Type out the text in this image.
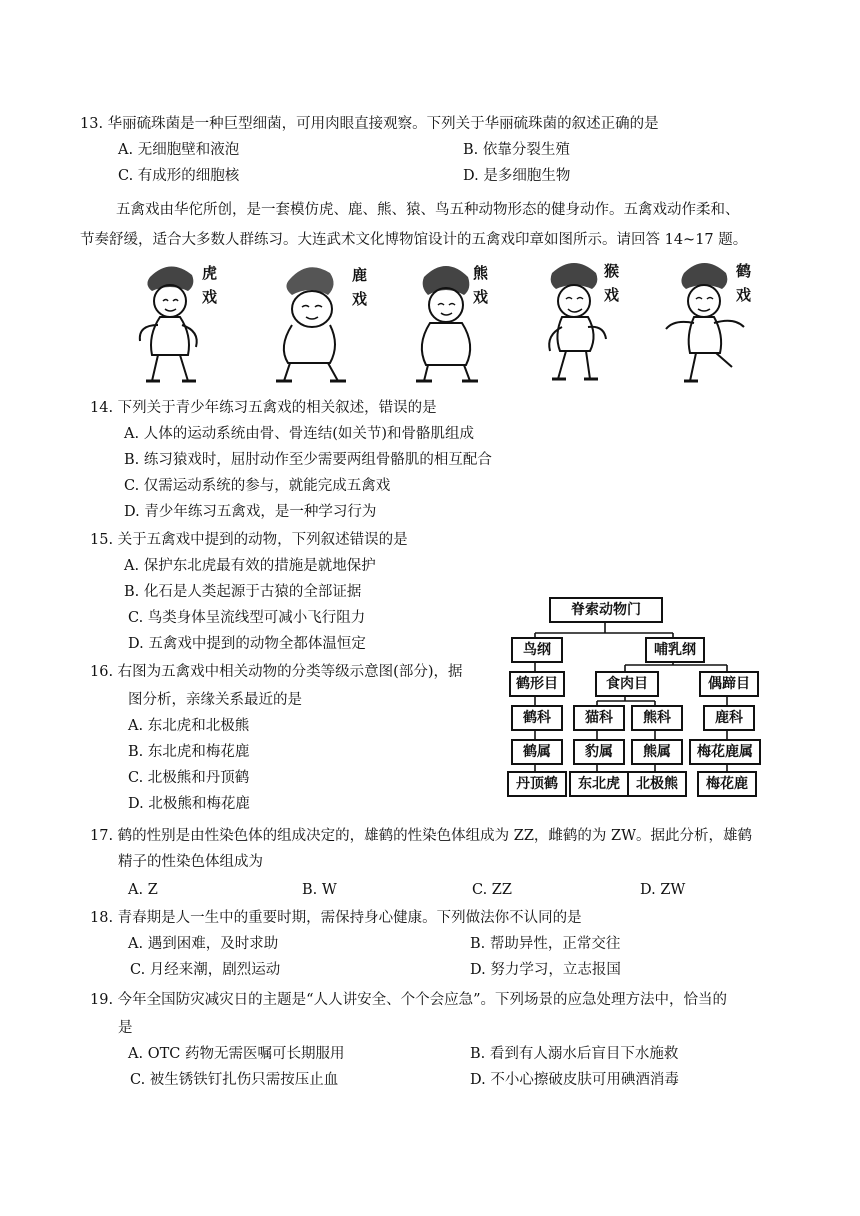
13. 华丽硫珠菌是一种巨型细菌，可用肉眼直接观察。下列关于华丽硫珠菌的叙述正确的是
A. 无细胞壁和液泡	B. 依靠分裂生殖
C. 有成形的细胞核	D. 是多细胞生物
五禽戏由华佗所创，是一套模仿虎、鹿、熊、猿、鸟五种动物形态的健身动作。五禽戏动作柔和、
节奏舒缓，适合大多数人群练习。大连武术文化博物馆设计的五禽戏印章如图所示。请回答 14~17 题。
虎
戏
鹿
戏
熊
戏
猴
戏
鹤
戏
14. 下列关于青少年练习五禽戏的相关叙述，错误的是
A. 人体的运动系统由骨、骨连结(如关节)和骨骼肌组成
B. 练习猿戏时，屈肘动作至少需要两组骨骼肌的相互配合
C. 仅需运动系统的参与，就能完成五禽戏
D. 青少年练习五禽戏，是一种学习行为
15. 关于五禽戏中提到的动物，下列叙述错误的是
A. 保护东北虎最有效的措施是就地保护
B. 化石是人类起源于古猿的全部证据
C. 鸟类身体呈流线型可减小飞行阻力
D. 五禽戏中提到的动物全都体温恒定
脊索动物门
鸟纲	哺乳纲
鹤形目	食肉目	偶蹄目
鹤科	猫科	熊科	鹿科
鹤属	豹属	熊属	梅花鹿属
丹顶鹤	东北虎	北极熊	梅花鹿
16. 右图为五禽戏中相关动物的分类等级示意图(部分)，据
图分析，亲缘关系最近的是
A. 东北虎和北极熊
B. 东北虎和梅花鹿
C. 北极熊和丹顶鹤
D. 北极熊和梅花鹿
17. 鹤的性别是由性染色体的组成决定的，雄鹤的性染色体组成为 ZZ，雌鹤的为 ZW。据此分析，雄鹤
精子的性染色体组成为
A. Z	B. W	C. ZZ	D. ZW
18. 青春期是人一生中的重要时期，需保持身心健康。下列做法你不认同的是
A. 遇到困难，及时求助	B. 帮助异性，正常交往
C. 月经来潮，剧烈运动	D. 努力学习，立志报国
19. 今年全国防灾减灾日的主题是“人人讲安全、个个会应急”。下列场景的应急处理方法中，恰当的
是
A. OTC 药物无需医嘱可长期服用	B. 看到有人溺水后盲目下水施救
C. 被生锈铁钉扎伤只需按压止血	D. 不小心擦破皮肤可用碘酒消毒
